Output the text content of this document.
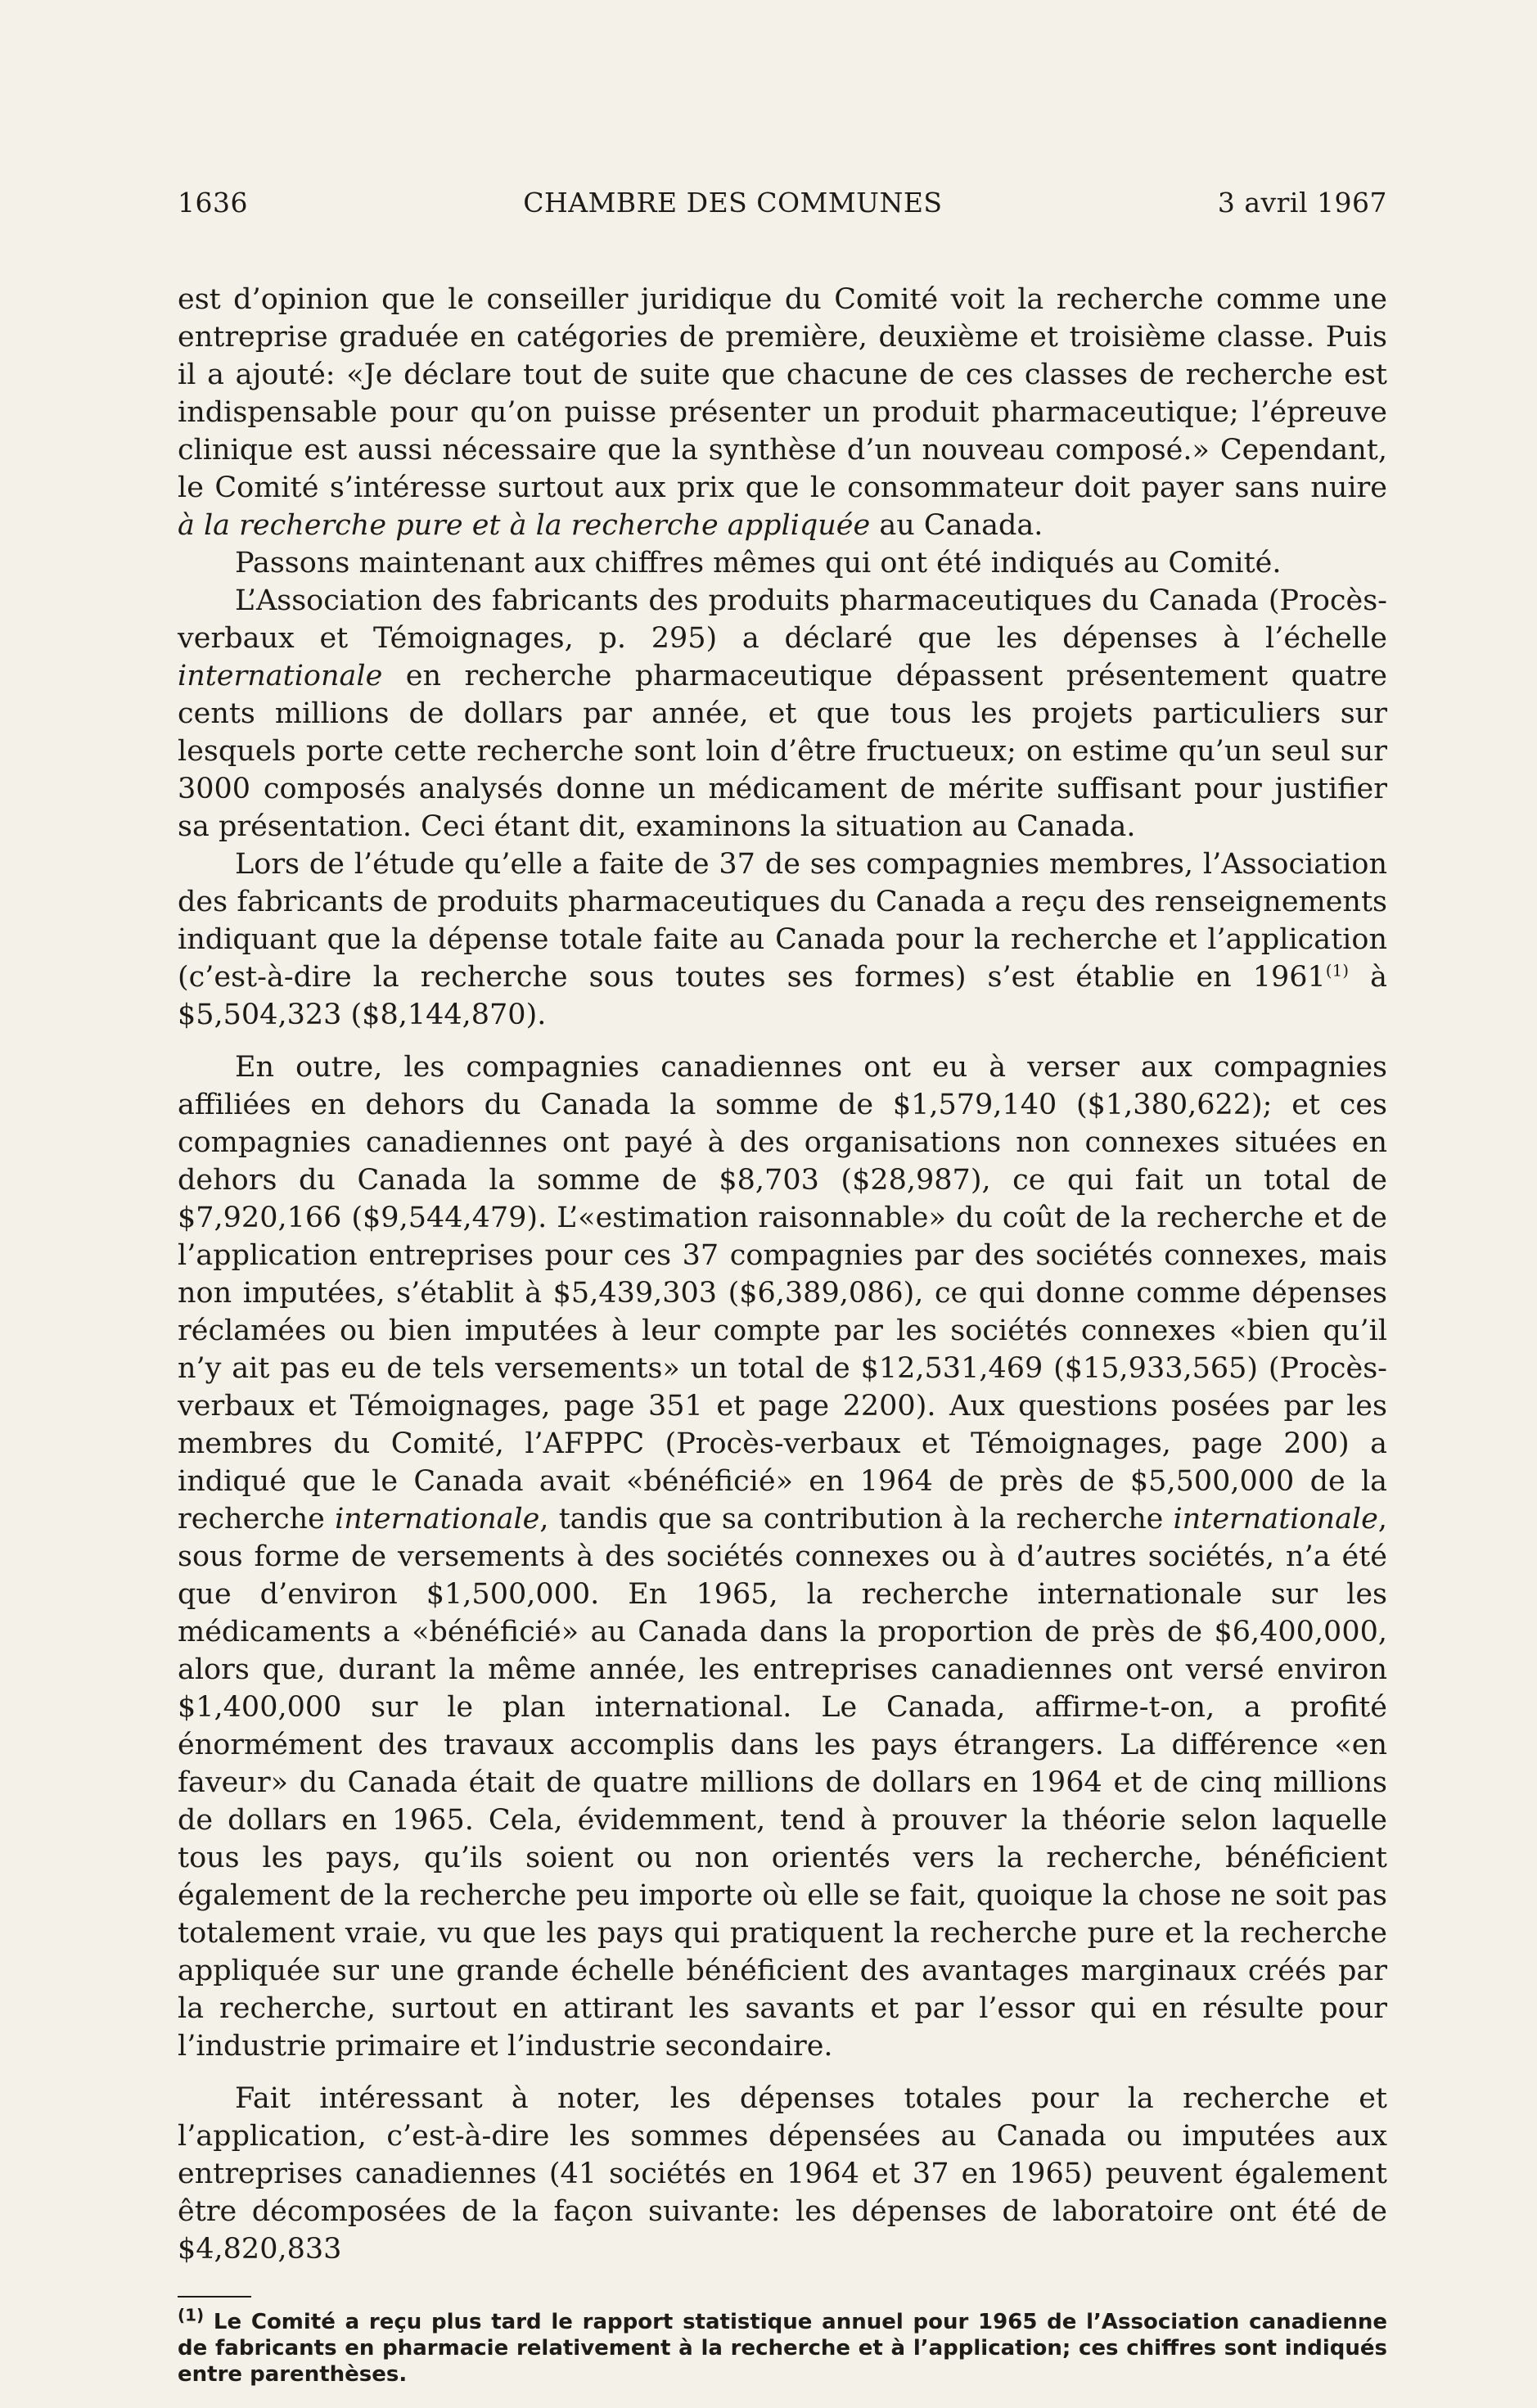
1636	CHAMBRE DES COMMUNES	3 avril 1967

est d’opinion que le conseiller juridique du Comité voit la recherche comme une entreprise graduée en catégories de première, deuxième et troisième classe. Puis il a ajouté: «Je déclare tout de suite que chacune de ces classes de recherche est indispensable pour qu’on puisse présenter un produit pharmaceutique; l’épreuve clinique est aussi nécessaire que la synthèse d’un nouveau composé.» Cependant, le Comité s’intéresse surtout aux prix que le consommateur doit payer sans nuire à la recherche pure et à la recherche appliquée au Canada.

Passons maintenant aux chiffres mêmes qui ont été indiqués au Comité.

L’Association des fabricants des produits pharmaceutiques du Canada (Procès-verbaux et Témoignages, p. 295) a déclaré que les dépenses à l’échelle internationale en recherche pharmaceutique dépassent présentement quatre cents millions de dollars par année, et que tous les projets particuliers sur lesquels porte cette recherche sont loin d’être fructueux; on estime qu’un seul sur 3000 composés analysés donne un médicament de mérite suffisant pour justifier sa présentation. Ceci étant dit, examinons la situation au Canada.

Lors de l’étude qu’elle a faite de 37 de ses compagnies membres, l’Association des fabricants de produits pharmaceutiques du Canada a reçu des renseignements indiquant que la dépense totale faite au Canada pour la recherche et l’application (c’est-à-dire la recherche sous toutes ses formes) s’est établie en 1961$^{(1)}$ à $5,504,323 ($8,144,870).

En outre, les compagnies canadiennes ont eu à verser aux compagnies affiliées en dehors du Canada la somme de $1,579,140 ($1,380,622); et ces compagnies canadiennes ont payé à des organisations non connexes situées en dehors du Canada la somme de $8,703 ($28,987), ce qui fait un total de $7,920,166 ($9,544,479). L’«estimation raisonnable» du coût de la recherche et de l’application entreprises pour ces 37 compagnies par des sociétés connexes, mais non imputées, s’établit à $5,439,303 ($6,389,086), ce qui donne comme dépenses réclamées ou bien imputées à leur compte par les sociétés connexes «bien qu’il n’y ait pas eu de tels versements» un total de $12,531,469 ($15,933,565) (Procès-verbaux et Témoignages, page 351 et page 2200). Aux questions posées par les membres du Comité, l’AFPPC (Procès-verbaux et Témoignages, page 200) a indiqué que le Canada avait «bénéficié» en 1964 de près de $5,500,000 de la recherche internationale, tandis que sa contribution à la recherche internationale, sous forme de versements à des sociétés connexes ou à d’autres sociétés, n’a été que d’environ $1,500,000. En 1965, la recherche internationale sur les médicaments a «bénéficié» au Canada dans la proportion de près de $6,400,000, alors que, durant la même année, les entreprises canadiennes ont versé environ $1,400,000 sur le plan international. Le Canada, affirme-t-on, a profité énormément des travaux accomplis dans les pays étrangers. La différence «en faveur» du Canada était de quatre millions de dollars en 1964 et de cinq millions de dollars en 1965. Cela, évidemment, tend à prouver la théorie selon laquelle tous les pays, qu’ils soient ou non orientés vers la recherche, bénéficient également de la recherche peu importe où elle se fait, quoique la chose ne soit pas totalement vraie, vu que les pays qui pratiquent la recherche pure et la recherche appliquée sur une grande échelle bénéficient des avantages marginaux créés par la recherche, surtout en attirant les savants et par l’essor qui en résulte pour l’industrie primaire et l’industrie secondaire.

Fait intéressant à noter, les dépenses totales pour la recherche et l’application, c’est-à-dire les sommes dépensées au Canada ou imputées aux entreprises canadiennes (41 sociétés en 1964 et 37 en 1965) peuvent également être décomposées de la façon suivante: les dépenses de laboratoire ont été de $4,820,833

$^{(1)}$ Le Comité a reçu plus tard le rapport statistique annuel pour 1965 de l’Association canadienne de fabricants en pharmacie relativement à la recherche et à l’application; ces chiffres sont indiqués entre parenthèses.
